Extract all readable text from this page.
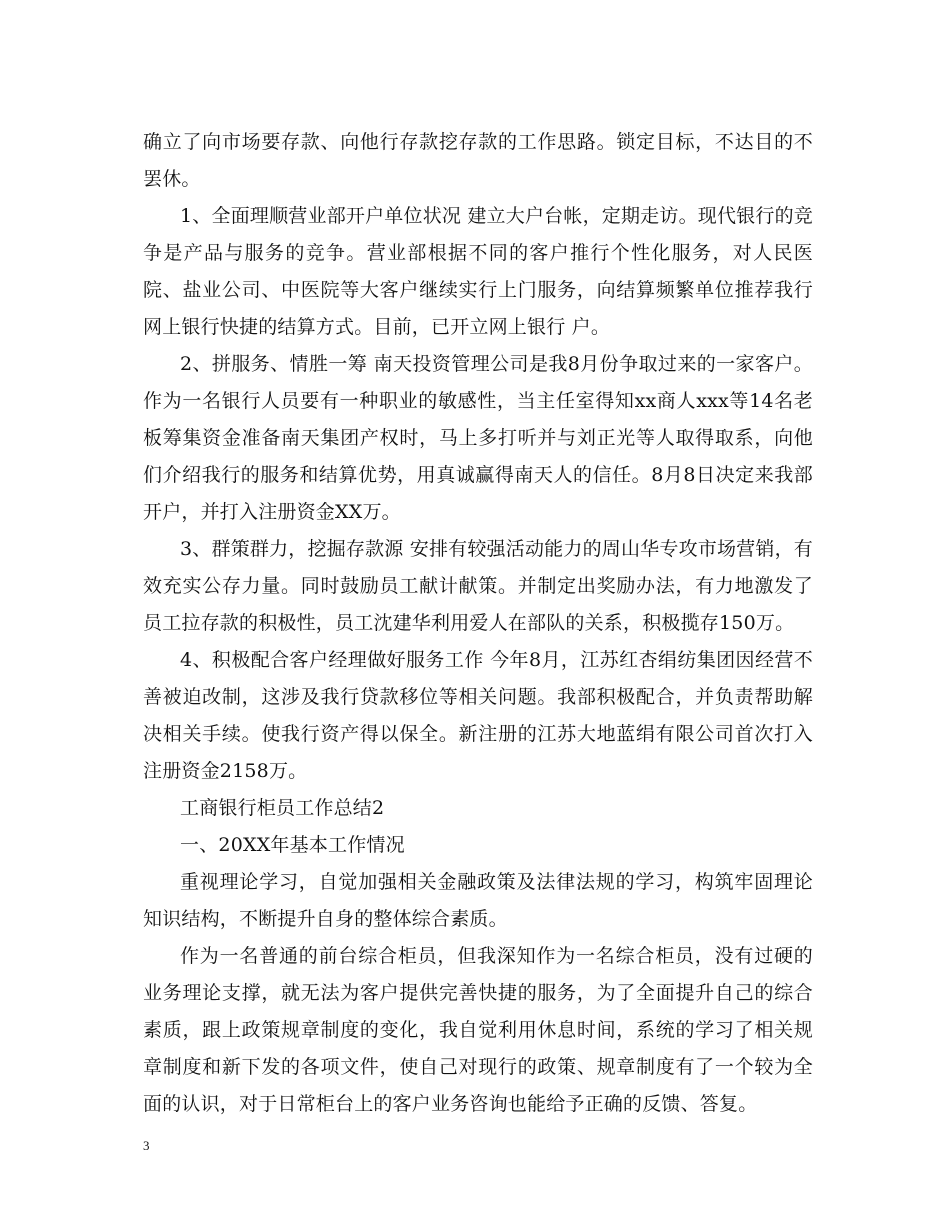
确立了向市场要存款、向他行存款挖存款的工作思路。锁定目标，不达目的不罢休。

1、全面理顺营业部开户单位状况 建立大户台帐，定期走访。现代银行的竞争是产品与服务的竞争。营业部根据不同的客户推行个性化服务，对人民医院、盐业公司、中医院等大客户继续实行上门服务，向结算频繁单位推荐我行网上银行快捷的结算方式。目前，已开立网上银行 户。

2、拼服务、情胜一筹 南天投资管理公司是我8月份争取过来的一家客户。作为一名银行人员要有一种职业的敏感性，当主任室得知xx商人xxx等14名老板筹集资金准备南天集团产权时，马上多打听并与刘正光等人取得取系，向他们介绍我行的服务和结算优势，用真诚赢得南天人的信任。8月8日决定来我部开户，并打入注册资金XX万。

3、群策群力，挖掘存款源 安排有较强活动能力的周山华专攻市场营销，有效充实公存力量。同时鼓励员工献计献策。并制定出奖励办法，有力地激发了员工拉存款的积极性，员工沈建华利用爱人在部队的关系，积极揽存150万。

4、积极配合客户经理做好服务工作 今年8月，江苏红杏绢纺集团因经营不善被迫改制，这涉及我行贷款移位等相关问题。我部积极配合，并负责帮助解决相关手续。使我行资产得以保全。新注册的江苏大地蓝绢有限公司首次打入注册资金2158万。

工商银行柜员工作总结2

一、20XX年基本工作情况

重视理论学习，自觉加强相关金融政策及法律法规的学习，构筑牢固理论知识结构，不断提升自身的整体综合素质。

作为一名普通的前台综合柜员，但我深知作为一名综合柜员，没有过硬的业务理论支撑，就无法为客户提供完善快捷的服务，为了全面提升自己的综合素质，跟上政策规章制度的变化，我自觉利用休息时间，系统的学习了相关规章制度和新下发的各项文件，使自己对现行的政策、规章制度有了一个较为全面的认识，对于日常柜台上的客户业务咨询也能给予正确的反馈、答复。

3
